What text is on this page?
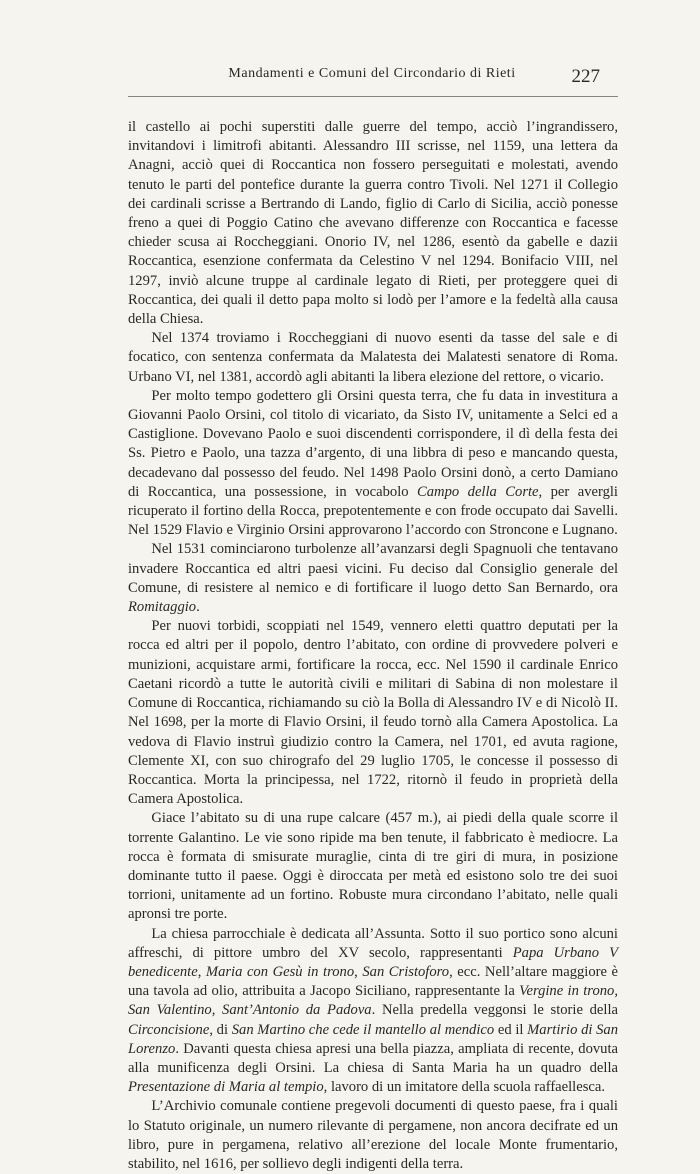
Mandamenti e Comuni del Circondario di Rieti	227

il castello ai pochi superstiti dalle guerre del tempo, acciò l’ingrandissero, invitandovi i limitrofi abitanti. Alessandro III scrisse, nel 1159, una lettera da Anagni, acciò quei di Roccantica non fossero perseguitati e molestati, avendo tenuto le parti del pontefice durante la guerra contro Tivoli. Nel 1271 il Collegio dei cardinali scrisse a Bertrando di Lando, figlio di Carlo di Sicilia, acciò ponesse freno a quei di Poggio Catino che avevano differenze con Roccantica e facesse chieder scusa ai Roccheggiani. Onorio IV, nel 1286, esentò da gabelle e dazii Roccantica, esenzione confermata da Celestino V nel 1294. Bonifacio VIII, nel 1297, inviò alcune truppe al cardinale legato di Rieti, per proteggere quei di Roccantica, dei quali il detto papa molto si lodò per l’amore e la fedeltà alla causa della Chiesa.

Nel 1374 troviamo i Roccheggiani di nuovo esenti da tasse del sale e di focatico, con sentenza confermata da Malatesta dei Malatesti senatore di Roma. Urbano VI, nel 1381, accordò agli abitanti la libera elezione del rettore, o vicario.

Per molto tempo godettero gli Orsini questa terra, che fu data in investitura a Giovanni Paolo Orsini, col titolo di vicariato, da Sisto IV, unitamente a Selci ed a Castiglione. Dovevano Paolo e suoi discendenti corrispondere, il dì della festa dei Ss. Pietro e Paolo, una tazza d’argento, di una libbra di peso e mancando questa, decadevano dal possesso del feudo. Nel 1498 Paolo Orsini donò, a certo Damiano di Roccantica, una possessione, in vocabolo Campo della Corte, per avergli ricuperato il fortino della Rocca, prepotentemente e con frode occupato dai Savelli. Nel 1529 Flavio e Virginio Orsini approvarono l’accordo con Stroncone e Lugnano.

Nel 1531 cominciarono turbolenze all’avanzarsi degli Spagnuoli che tentavano invadere Roccantica ed altri paesi vicini. Fu deciso dal Consiglio generale del Comune, di resistere al nemico e di fortificare il luogo detto San Bernardo, ora Romitaggio.

Per nuovi torbidi, scoppiati nel 1549, vennero eletti quattro deputati per la rocca ed altri per il popolo, dentro l’abitato, con ordine di provvedere polveri e munizioni, acquistare armi, fortificare la rocca, ecc. Nel 1590 il cardinale Enrico Caetani ricordò a tutte le autorità civili e militari di Sabina di non molestare il Comune di Roccantica, richiamando su ciò la Bolla di Alessandro IV e di Nicolò II. Nel 1698, per la morte di Flavio Orsini, il feudo tornò alla Camera Apostolica. La vedova di Flavio instruì giudizio contro la Camera, nel 1701, ed avuta ragione, Clemente XI, con suo chirografo del 29 luglio 1705, le concesse il possesso di Roccantica. Morta la principessa, nel 1722, ritornò il feudo in proprietà della Camera Apostolica.

Giace l’abitato su di una rupe calcare (457 m.), ai piedi della quale scorre il torrente Galantino. Le vie sono ripide ma ben tenute, il fabbricato è mediocre. La rocca è formata di smisurate muraglie, cinta di tre giri di mura, in posizione dominante tutto il paese. Oggi è diroccata per metà ed esistono solo tre dei suoi torrioni, unitamente ad un fortino. Robuste mura circondano l’abitato, nelle quali apronsi tre porte.

La chiesa parrocchiale è dedicata all’Assunta. Sotto il suo portico sono alcuni affreschi, di pittore umbro del XV secolo, rappresentanti Papa Urbano V benedicente, Maria con Gesù in trono, San Cristoforo, ecc. Nell’altare maggiore è una tavola ad olio, attribuita a Jacopo Siciliano, rappresentante la Vergine in trono, San Valentino, Sant’Antonio da Padova. Nella predella veggonsi le storie della Circoncisione, di San Martino che cede il mantello al mendico ed il Martirio di San Lorenzo. Davanti questa chiesa apresi una bella piazza, ampliata di recente, dovuta alla munificenza degli Orsini. La chiesa di Santa Maria ha un quadro della Presentazione di Maria al tempio, lavoro di un imitatore della scuola raffaellesca.

L’Archivio comunale contiene pregevoli documenti di questo paese, fra i quali lo Statuto originale, un numero rilevante di pergamene, non ancora decifrate ed un libro, pure in pergamena, relativo all’erezione del locale Monte frumentario, stabilito, nel 1616, per sollievo degli indigenti della terra.
